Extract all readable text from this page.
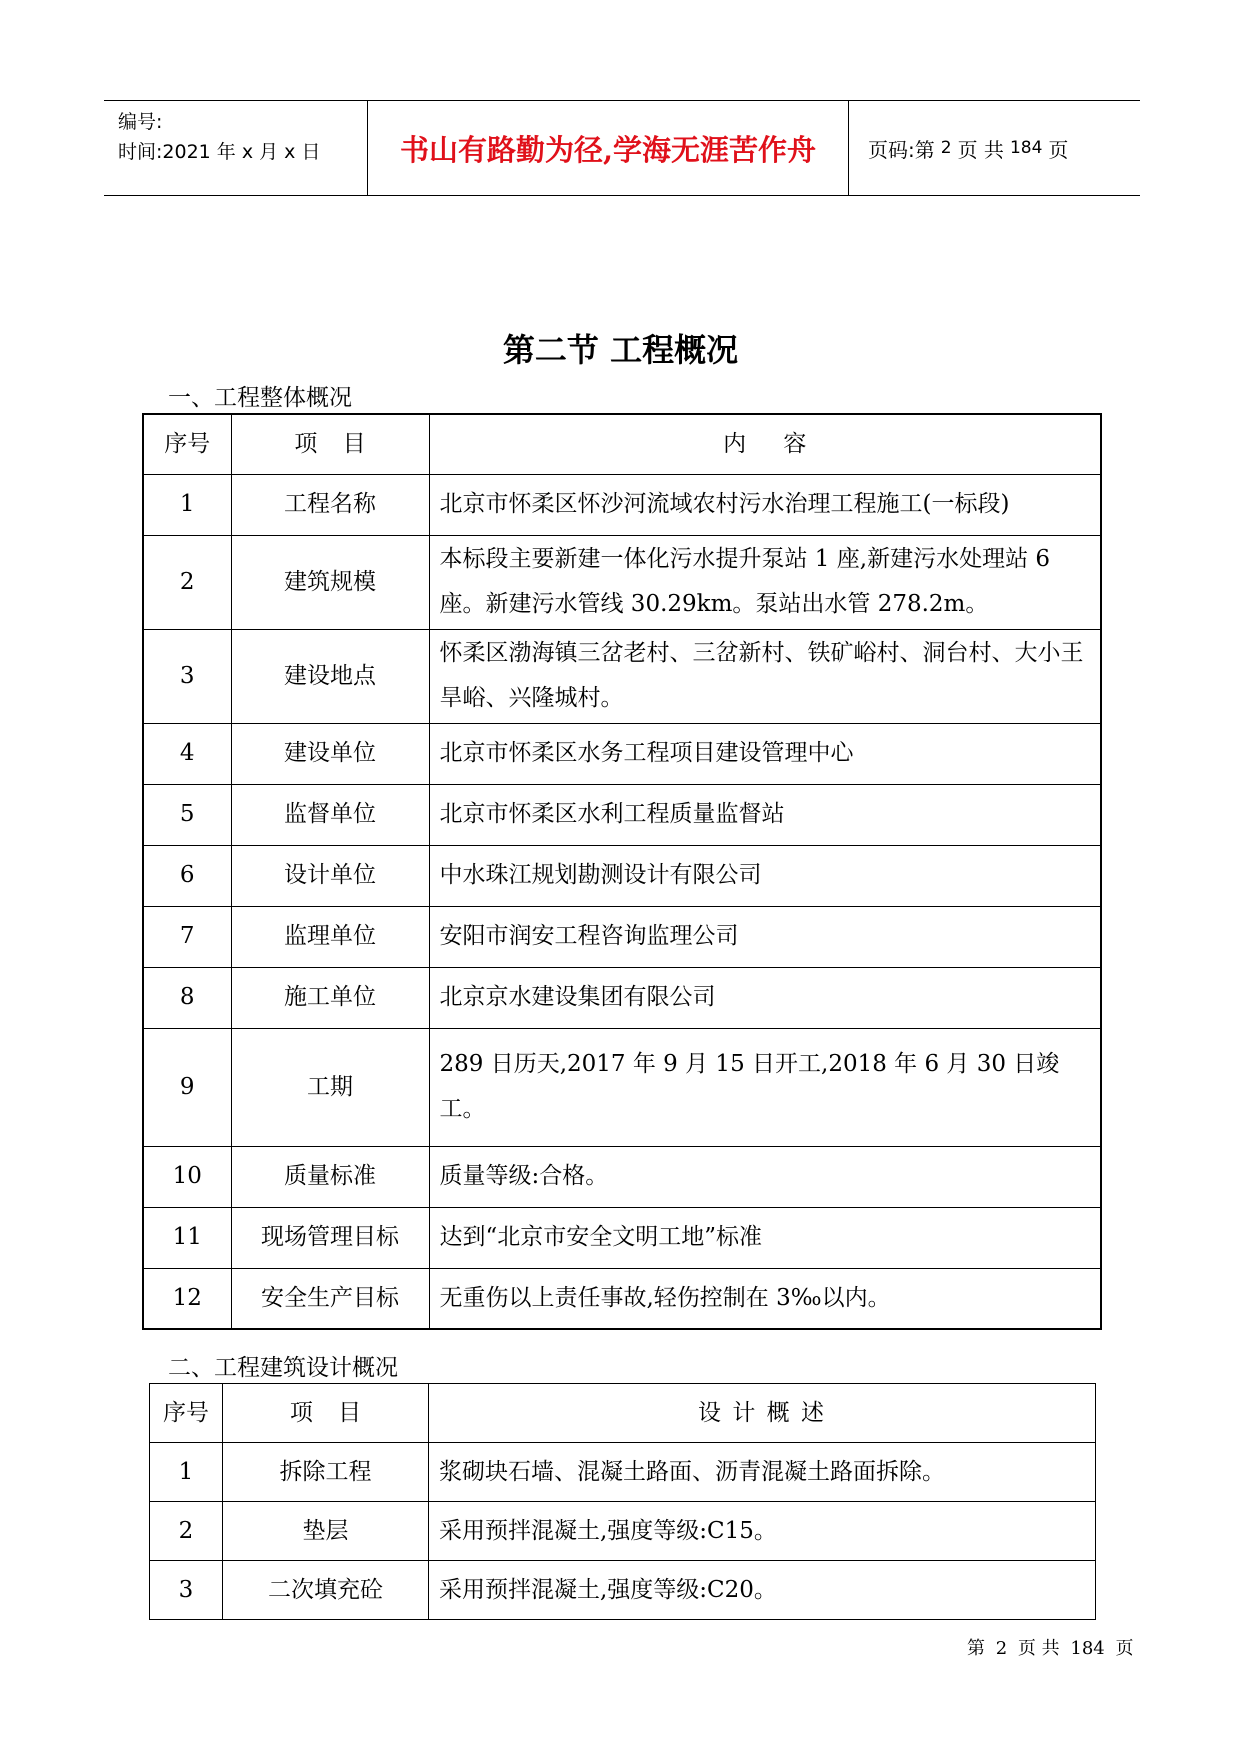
编号:
时间:2021 年 x 月 x 日	书山有路勤为径,学海无涯苦作舟	页码:第 2 页 共 184 页
第二节 工程概况
一、工程整体概况
序号	项 目	内 容
1	工程名称	北京市怀柔区怀沙河流域农村污水治理工程施工(一标段)
2	建筑规模	本标段主要新建一体化污水提升泵站 1 座,新建污水处理站 6 座。新建污水管线 30.29km。泵站出水管 278.2m。
3	建设地点	怀柔区渤海镇三岔老村、三岔新村、铁矿峪村、洞台村、大小王旱峪、兴隆城村。
4	建设单位	北京市怀柔区水务工程项目建设管理中心
5	监督单位	北京市怀柔区水利工程质量监督站
6	设计单位	中水珠江规划勘测设计有限公司
7	监理单位	安阳市润安工程咨询监理公司
8	施工单位	北京京水建设集团有限公司
9	工期	289 日历天,2017 年 9 月 15 日开工,2018 年 6 月 30 日竣工。
10	质量标准	质量等级:合格。
11	现场管理目标	达到“北京市安全文明工地”标准
12	安全生产目标	无重伤以上责任事故,轻伤控制在 3‰以内。
二、工程建筑设计概况
序号	项 目	设 计 概 述
1	拆除工程	浆砌块石墙、混凝土路面、沥青混凝土路面拆除。
2	垫层	采用预拌混凝土,强度等级:C15。
3	二次填充砼	采用预拌混凝土,强度等级:C20。
第 2 页 共 184 页
